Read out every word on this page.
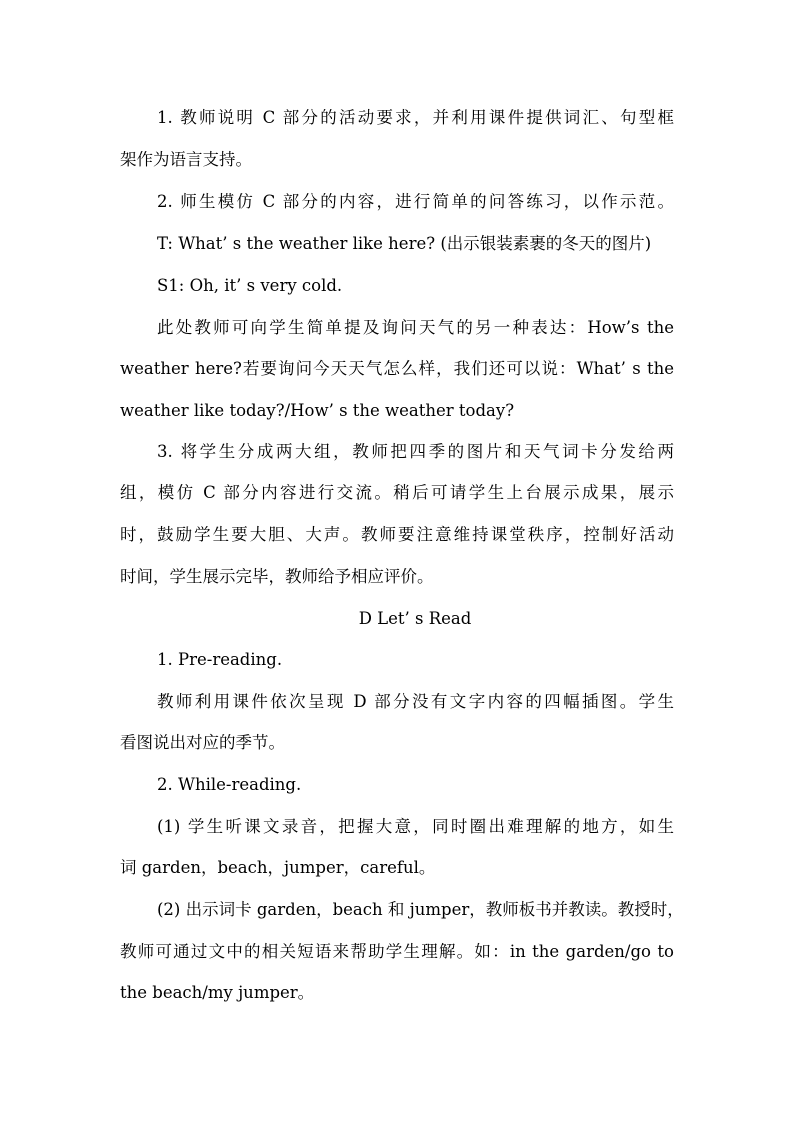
1. 教师说明 C 部分的活动要求，并利用课件提供词汇、句型框
架作为语言支持。
2. 师生模仿 C 部分的内容，进行简单的问答练习，以作示范。
T: What’ s the weather like here? (出示银装素裹的冬天的图片)
S1: Oh, it’ s very cold.
此处教师可向学生简单提及询问天气的另一种表达：How’s the
weather here?若要询问今天天气怎么样，我们还可以说：What’ s the
weather like today?/How’ s the weather today?
3. 将学生分成两大组，教师把四季的图片和天气词卡分发给两
组，模仿 C 部分内容进行交流。稍后可请学生上台展示成果，展示
时，鼓励学生要大胆、大声。教师要注意维持课堂秩序，控制好活动
时间，学生展示完毕，教师给予相应评价。
D Let’ s Read
1. Pre-reading.
教师利用课件依次呈现 D 部分没有文字内容的四幅插图。学生
看图说出对应的季节。
2. While-reading.
(1) 学生听课文录音，把握大意，同时圈出难理解的地方，如生
词 garden，beach，jumper，careful。
(2) 出示词卡 garden，beach 和 jumper，教师板书并教读。教授时，
教师可通过文中的相关短语来帮助学生理解。如：in the garden/go to
the beach/my jumper。
